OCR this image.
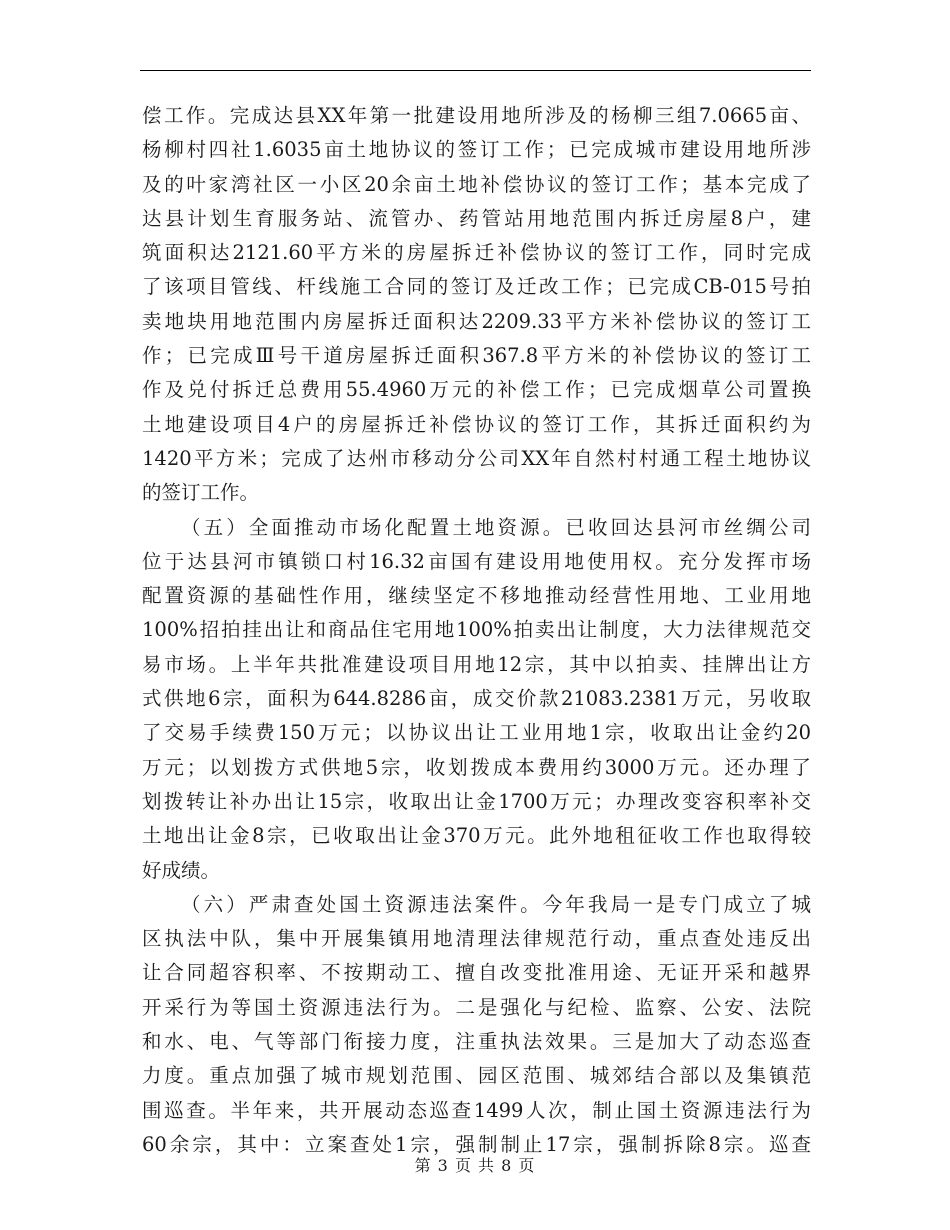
偿工作。完成达县XX年第一批建设用地所涉及的杨柳三组7.0665亩、
杨柳村四社1.6035亩土地协议的签订工作；已完成城市建设用地所涉
及的叶家湾社区一小区20余亩土地补偿协议的签订工作；基本完成了
达县计划生育服务站、流管办、药管站用地范围内拆迁房屋8户，建
筑面积达2121.60平方米的房屋拆迁补偿协议的签订工作，同时完成
了该项目管线、杆线施工合同的签订及迁改工作；已完成CB-015号拍
卖地块用地范围内房屋拆迁面积达2209.33平方米补偿协议的签订工
作；已完成Ⅲ号干道房屋拆迁面积367.8平方米的补偿协议的签订工
作及兑付拆迁总费用55.4960万元的补偿工作；已完成烟草公司置换
土地建设项目4户的房屋拆迁补偿协议的签订工作，其拆迁面积约为
1420平方米；完成了达州市移动分公司XX年自然村村通工程土地协议
的签订工作。
（五）全面推动市场化配置土地资源。已收回达县河市丝绸公司
位于达县河市镇锁口村16.32亩国有建设用地使用权。充分发挥市场
配置资源的基础性作用，继续坚定不移地推动经营性用地、工业用地
100%招拍挂出让和商品住宅用地100%拍卖出让制度，大力法律规范交
易市场。上半年共批准建设项目用地12宗，其中以拍卖、挂牌出让方
式供地6宗，面积为644.8286亩，成交价款21083.2381万元，另收取
了交易手续费150万元；以协议出让工业用地1宗，收取出让金约20
万元；以划拨方式供地5宗，收划拨成本费用约3000万元。还办理了
划拨转让补办出让15宗，收取出让金1700万元；办理改变容积率补交
土地出让金8宗，已收取出让金370万元。此外地租征收工作也取得较
好成绩。
（六）严肃查处国土资源违法案件。今年我局一是专门成立了城
区执法中队，集中开展集镇用地清理法律规范行动，重点查处违反出
让合同超容积率、不按期动工、擅自改变批准用途、无证开采和越界
开采行为等国土资源违法行为。二是强化与纪检、监察、公安、法院
和水、电、气等部门衔接力度，注重执法效果。三是加大了动态巡查
力度。重点加强了城市规划范围、园区范围、城郊结合部以及集镇范
围巡查。半年来，共开展动态巡查1499人次，制止国土资源违法行为
60余宗，其中：立案查处1宗，强制制止17宗，强制拆除8宗。巡查
第 3 页 共 8 页
